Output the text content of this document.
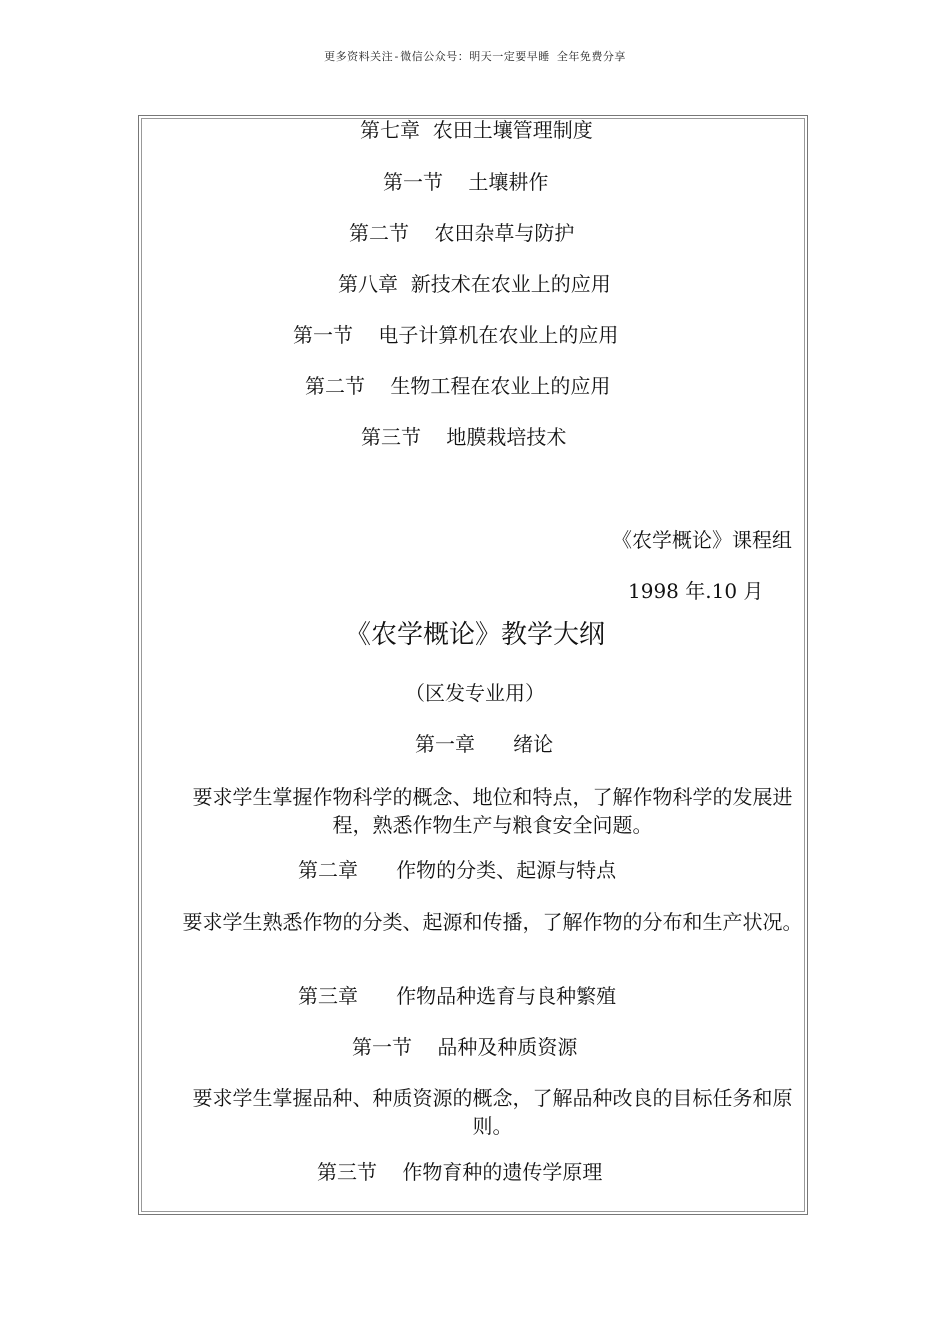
更多资料关注-微信公众号：明天一定要早睡 全年免费分享
第七章  农田土壤管理制度
第一节    土壤耕作
第二节    农田杂草与防护
第八章  新技术在农业上的应用
第一节    电子计算机在农业上的应用
第二节    生物工程在农业上的应用
第三节    地膜栽培技术
《农学概论》课程组
1998 年.10 月
《农学概论》教学大纲
（区发专业用）
第一章      绪论
要求学生掌握作物科学的概念、地位和特点，了解作物科学的发展进程，熟悉作物生产与粮食安全问题。
第二章      作物的分类、起源与特点
要求学生熟悉作物的分类、起源和传播，了解作物的分布和生产状况。
第三章      作物品种选育与良种繁殖
第一节    品种及种质资源
要求学生掌握品种、种质资源的概念，了解品种改良的目标任务和原则。
第三节    作物育种的遗传学原理
